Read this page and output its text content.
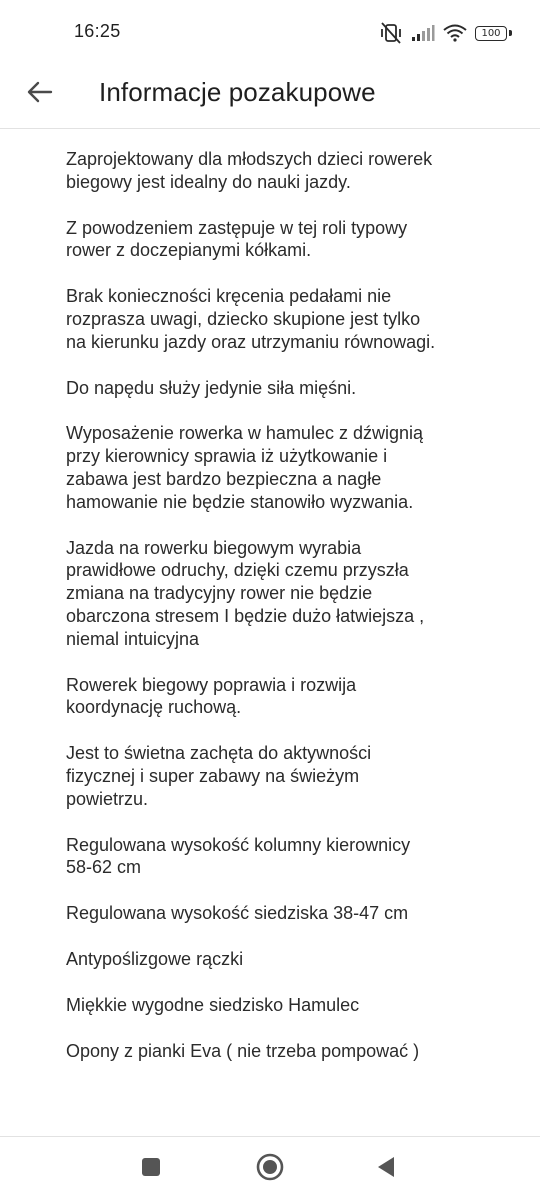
16:25	100
Informacje pozakupowe

Zaprojektowany dla młodszych dzieci rowerek
biegowy jest idealny do nauki jazdy.

Z powodzeniem zastępuje w tej roli typowy
rower z doczepianymi kółkami.

Brak konieczności kręcenia pedałami nie
rozprasza uwagi, dziecko skupione jest tylko
na kierunku jazdy oraz utrzymaniu równowagi.

Do napędu służy jedynie siła mięśni.

Wyposażenie rowerka w hamulec z dźwignią
przy kierownicy sprawia iż użytkowanie i
zabawa jest bardzo bezpieczna a nagłe
hamowanie nie będzie stanowiło wyzwania.

Jazda na rowerku biegowym wyrabia
prawidłowe odruchy, dzięki czemu przyszła
zmiana na tradycyjny rower nie będzie
obarczona stresem I będzie dużo łatwiejsza ,
niemal intuicyjna

Rowerek biegowy poprawia i rozwija
koordynację ruchową.

Jest to świetna zachęta do aktywności
fizycznej i super zabawy na świeżym
powietrzu.

Regulowana wysokość kolumny kierownicy
58-62 cm

Regulowana wysokość siedziska 38-47 cm

Antypoślizgowe rączki

Miękkie wygodne siedzisko Hamulec

Opony z pianki Eva ( nie trzeba pompować )
